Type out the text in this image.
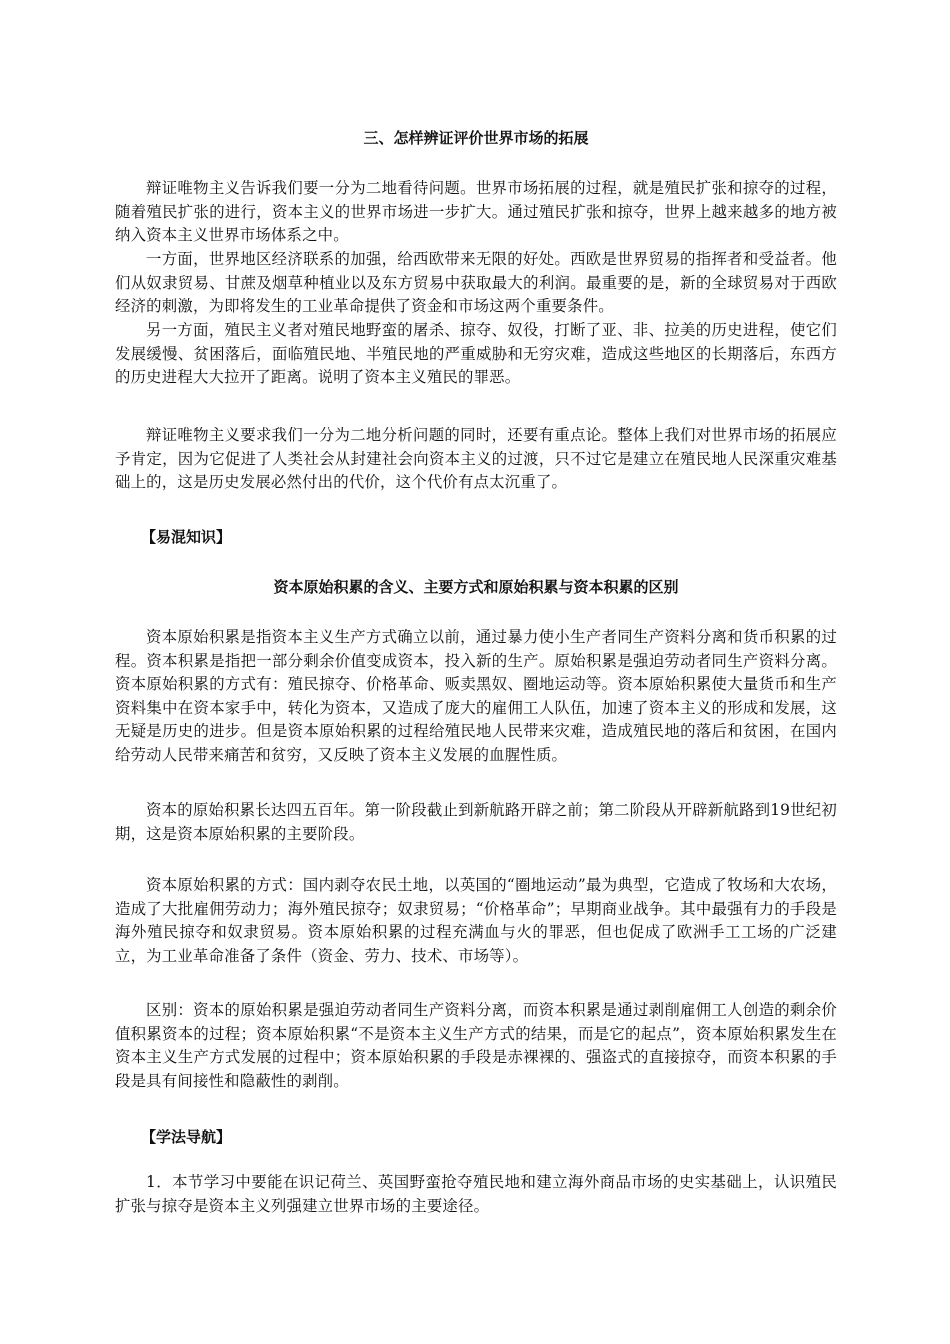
三、怎样辨证评价世界市场的拓展

辩证唯物主义告诉我们要一分为二地看待问题。世界市场拓展的过程，就是殖民扩张和掠夺的过程，随着殖民扩张的进行，资本主义的世界市场进一步扩大。通过殖民扩张和掠夺，世界上越来越多的地方被纳入资本主义世界市场体系之中。

一方面，世界地区经济联系的加强，给西欧带来无限的好处。西欧是世界贸易的指挥者和受益者。他们从奴隶贸易、甘蔗及烟草种植业以及东方贸易中获取最大的利润。最重要的是，新的全球贸易对于西欧经济的刺激，为即将发生的工业革命提供了资金和市场这两个重要条件。

另一方面，殖民主义者对殖民地野蛮的屠杀、掠夺、奴役，打断了亚、非、拉美的历史进程，使它们发展缓慢、贫困落后，面临殖民地、半殖民地的严重威胁和无穷灾难，造成这些地区的长期落后，东西方的历史进程大大拉开了距离。说明了资本主义殖民的罪恶。

辩证唯物主义要求我们一分为二地分析问题的同时，还要有重点论。整体上我们对世界市场的拓展应予肯定，因为它促进了人类社会从封建社会向资本主义的过渡，只不过它是建立在殖民地人民深重灾难基础上的，这是历史发展必然付出的代价，这个代价有点太沉重了。

【易混知识】
资本原始积累的含义、主要方式和原始积累与资本积累的区别

资本原始积累是指资本主义生产方式确立以前，通过暴力使小生产者同生产资料分离和货币积累的过程。资本积累是指把一部分剩余价值变成资本，投入新的生产。原始积累是强迫劳动者同生产资料分离。资本原始积累的方式有：殖民掠夺、价格革命、贩卖黑奴、圈地运动等。资本原始积累使大量货币和生产资料集中在资本家手中，转化为资本，又造成了庞大的雇佣工人队伍，加速了资本主义的形成和发展，这无疑是历史的进步。但是资本原始积累的过程给殖民地人民带来灾难，造成殖民地的落后和贫困，在国内给劳动人民带来痛苦和贫穷，又反映了资本主义发展的血腥性质。

资本的原始积累长达四五百年。第一阶段截止到新航路开辟之前；第二阶段从开辟新航路到19世纪初期，这是资本原始积累的主要阶段。

资本原始积累的方式：国内剥夺农民土地，以英国的“圈地运动”最为典型，它造成了牧场和大农场，造成了大批雇佣劳动力；海外殖民掠夺；奴隶贸易；“价格革命”；早期商业战争。其中最强有力的手段是海外殖民掠夺和奴隶贸易。资本原始积累的过程充满血与火的罪恶，但也促成了欧洲手工工场的广泛建立，为工业革命准备了条件（资金、劳力、技术、市场等）。

区别：资本的原始积累是强迫劳动者同生产资料分离，而资本积累是通过剥削雇佣工人创造的剩余价值积累资本的过程；资本原始积累“不是资本主义生产方式的结果，而是它的起点”，资本原始积累发生在资本主义生产方式发展的过程中；资本原始积累的手段是赤裸裸的、强盗式的直接掠夺，而资本积累的手段是具有间接性和隐蔽性的剥削。

【学法导航】

1．本节学习中要能在识记荷兰、英国野蛮抢夺殖民地和建立海外商品市场的史实基础上，认识殖民扩张与掠夺是资本主义列强建立世界市场的主要途径。
